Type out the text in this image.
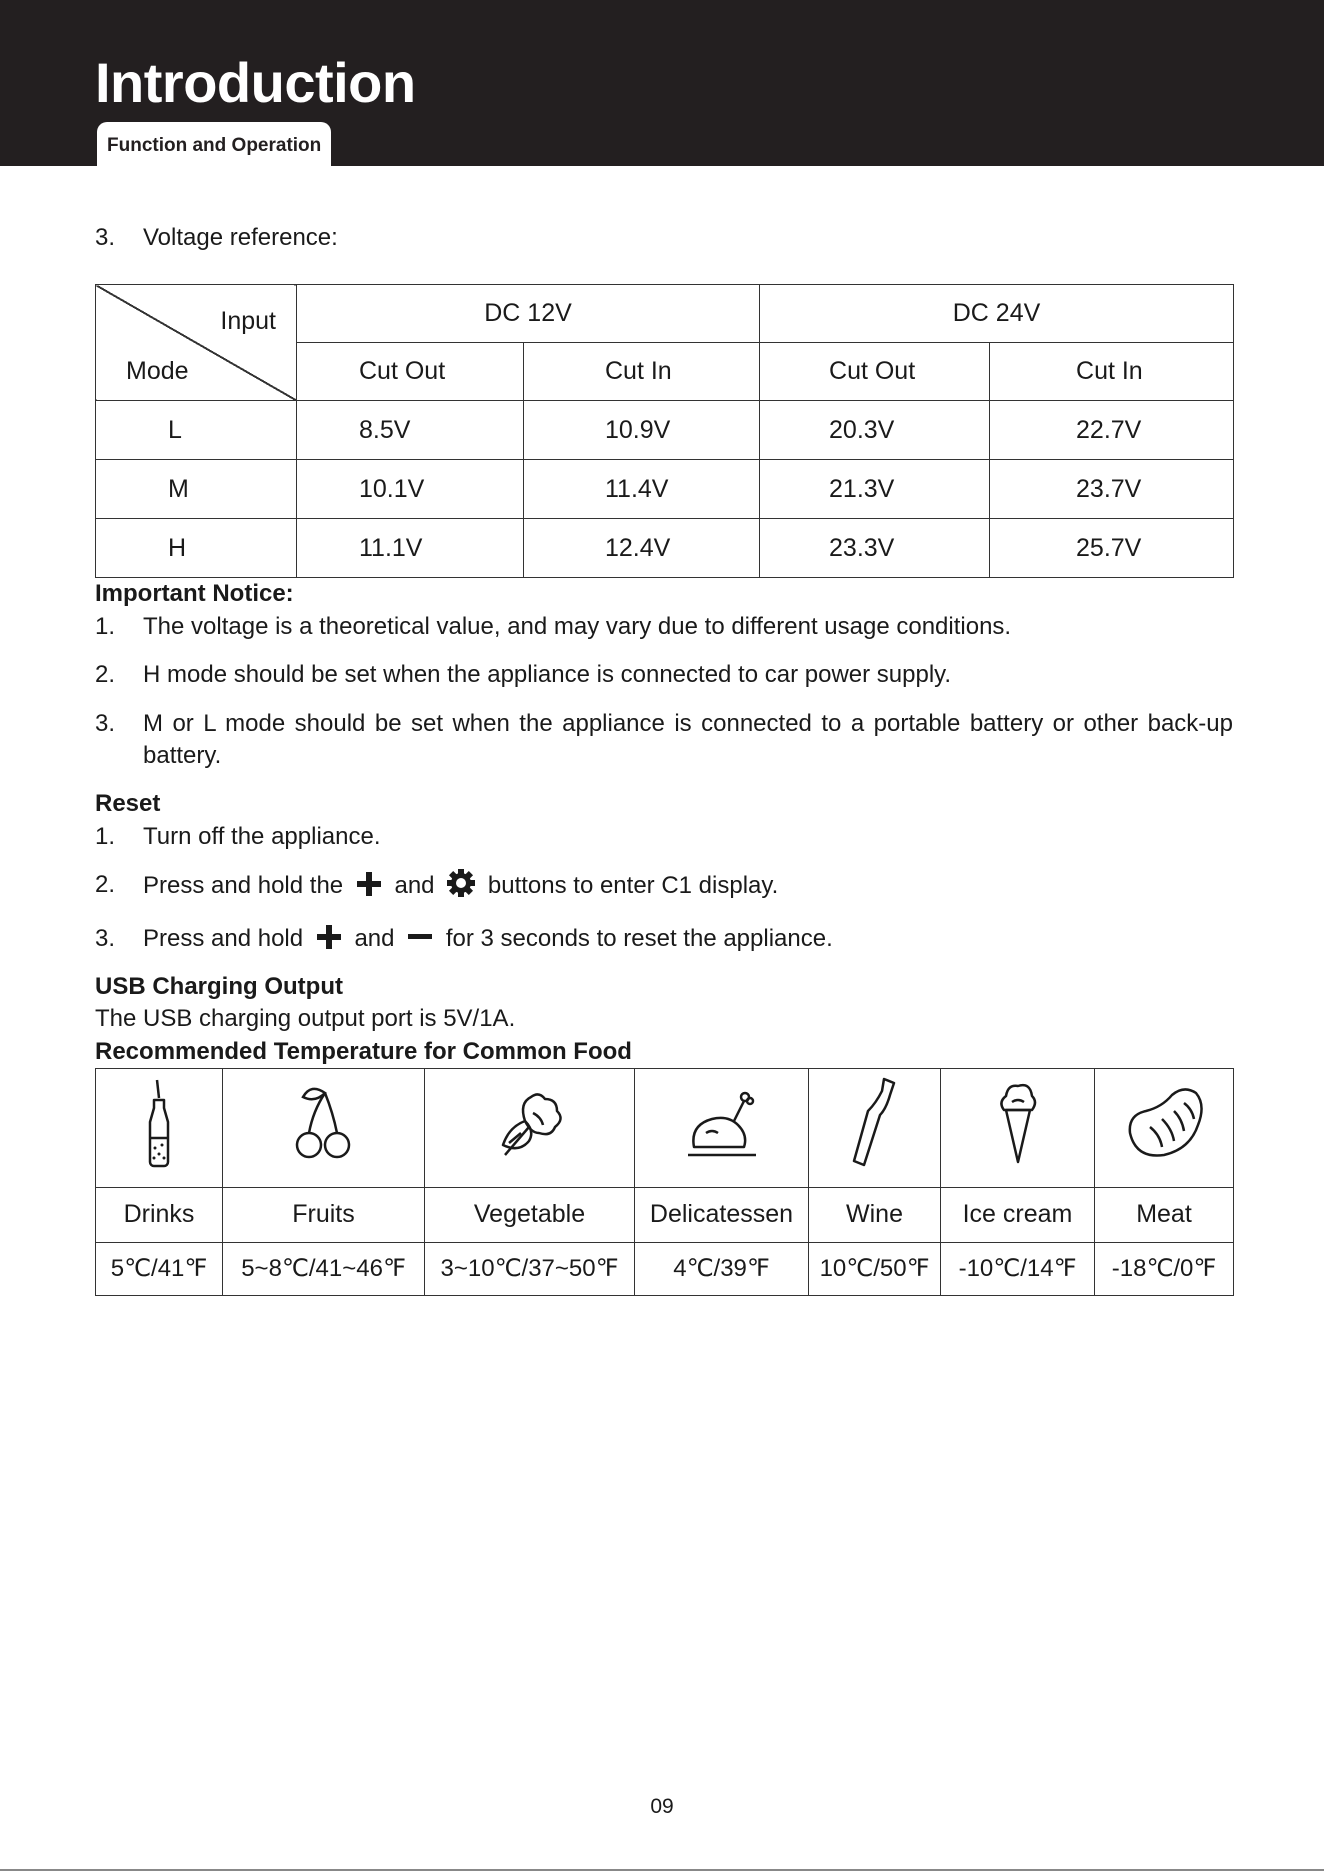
Introduction
Function and Operation
3.	Voltage reference:
Input
Mode	DC 12V		DC 24V	
	Cut Out	Cut In	Cut Out	Cut In
L	8.5V	10.9V	20.3V	22.7V
M	10.1V	11.4V	21.3V	23.7V
H	11.1V	12.4V	23.3V	25.7V
Important Notice:
1.	The voltage is a theoretical value, and may vary due to different usage conditions.
2.	H mode should be set when the appliance is connected to car power supply.
3.	M or L mode should be set when the appliance is connected to a portable battery or other back-up battery.
Reset
1.	Turn off the appliance.
2.	Press and hold the and buttons to enter C1 display.
3.	Press and hold and for 3 seconds to reset the appliance.
USB Charging Output
The USB charging output port is 5V/1A.
Recommended Temperature for Common Food

Drinks	Fruits	Vegetable	Delicatessen	Wine	Ice cream	Meat
5℃/41℉	5~8℃/41~46℉	3~10℃/37~50℉	4℃/39℉	10℃/50℉	-10℃/14℉	-18℃/0℉
09
